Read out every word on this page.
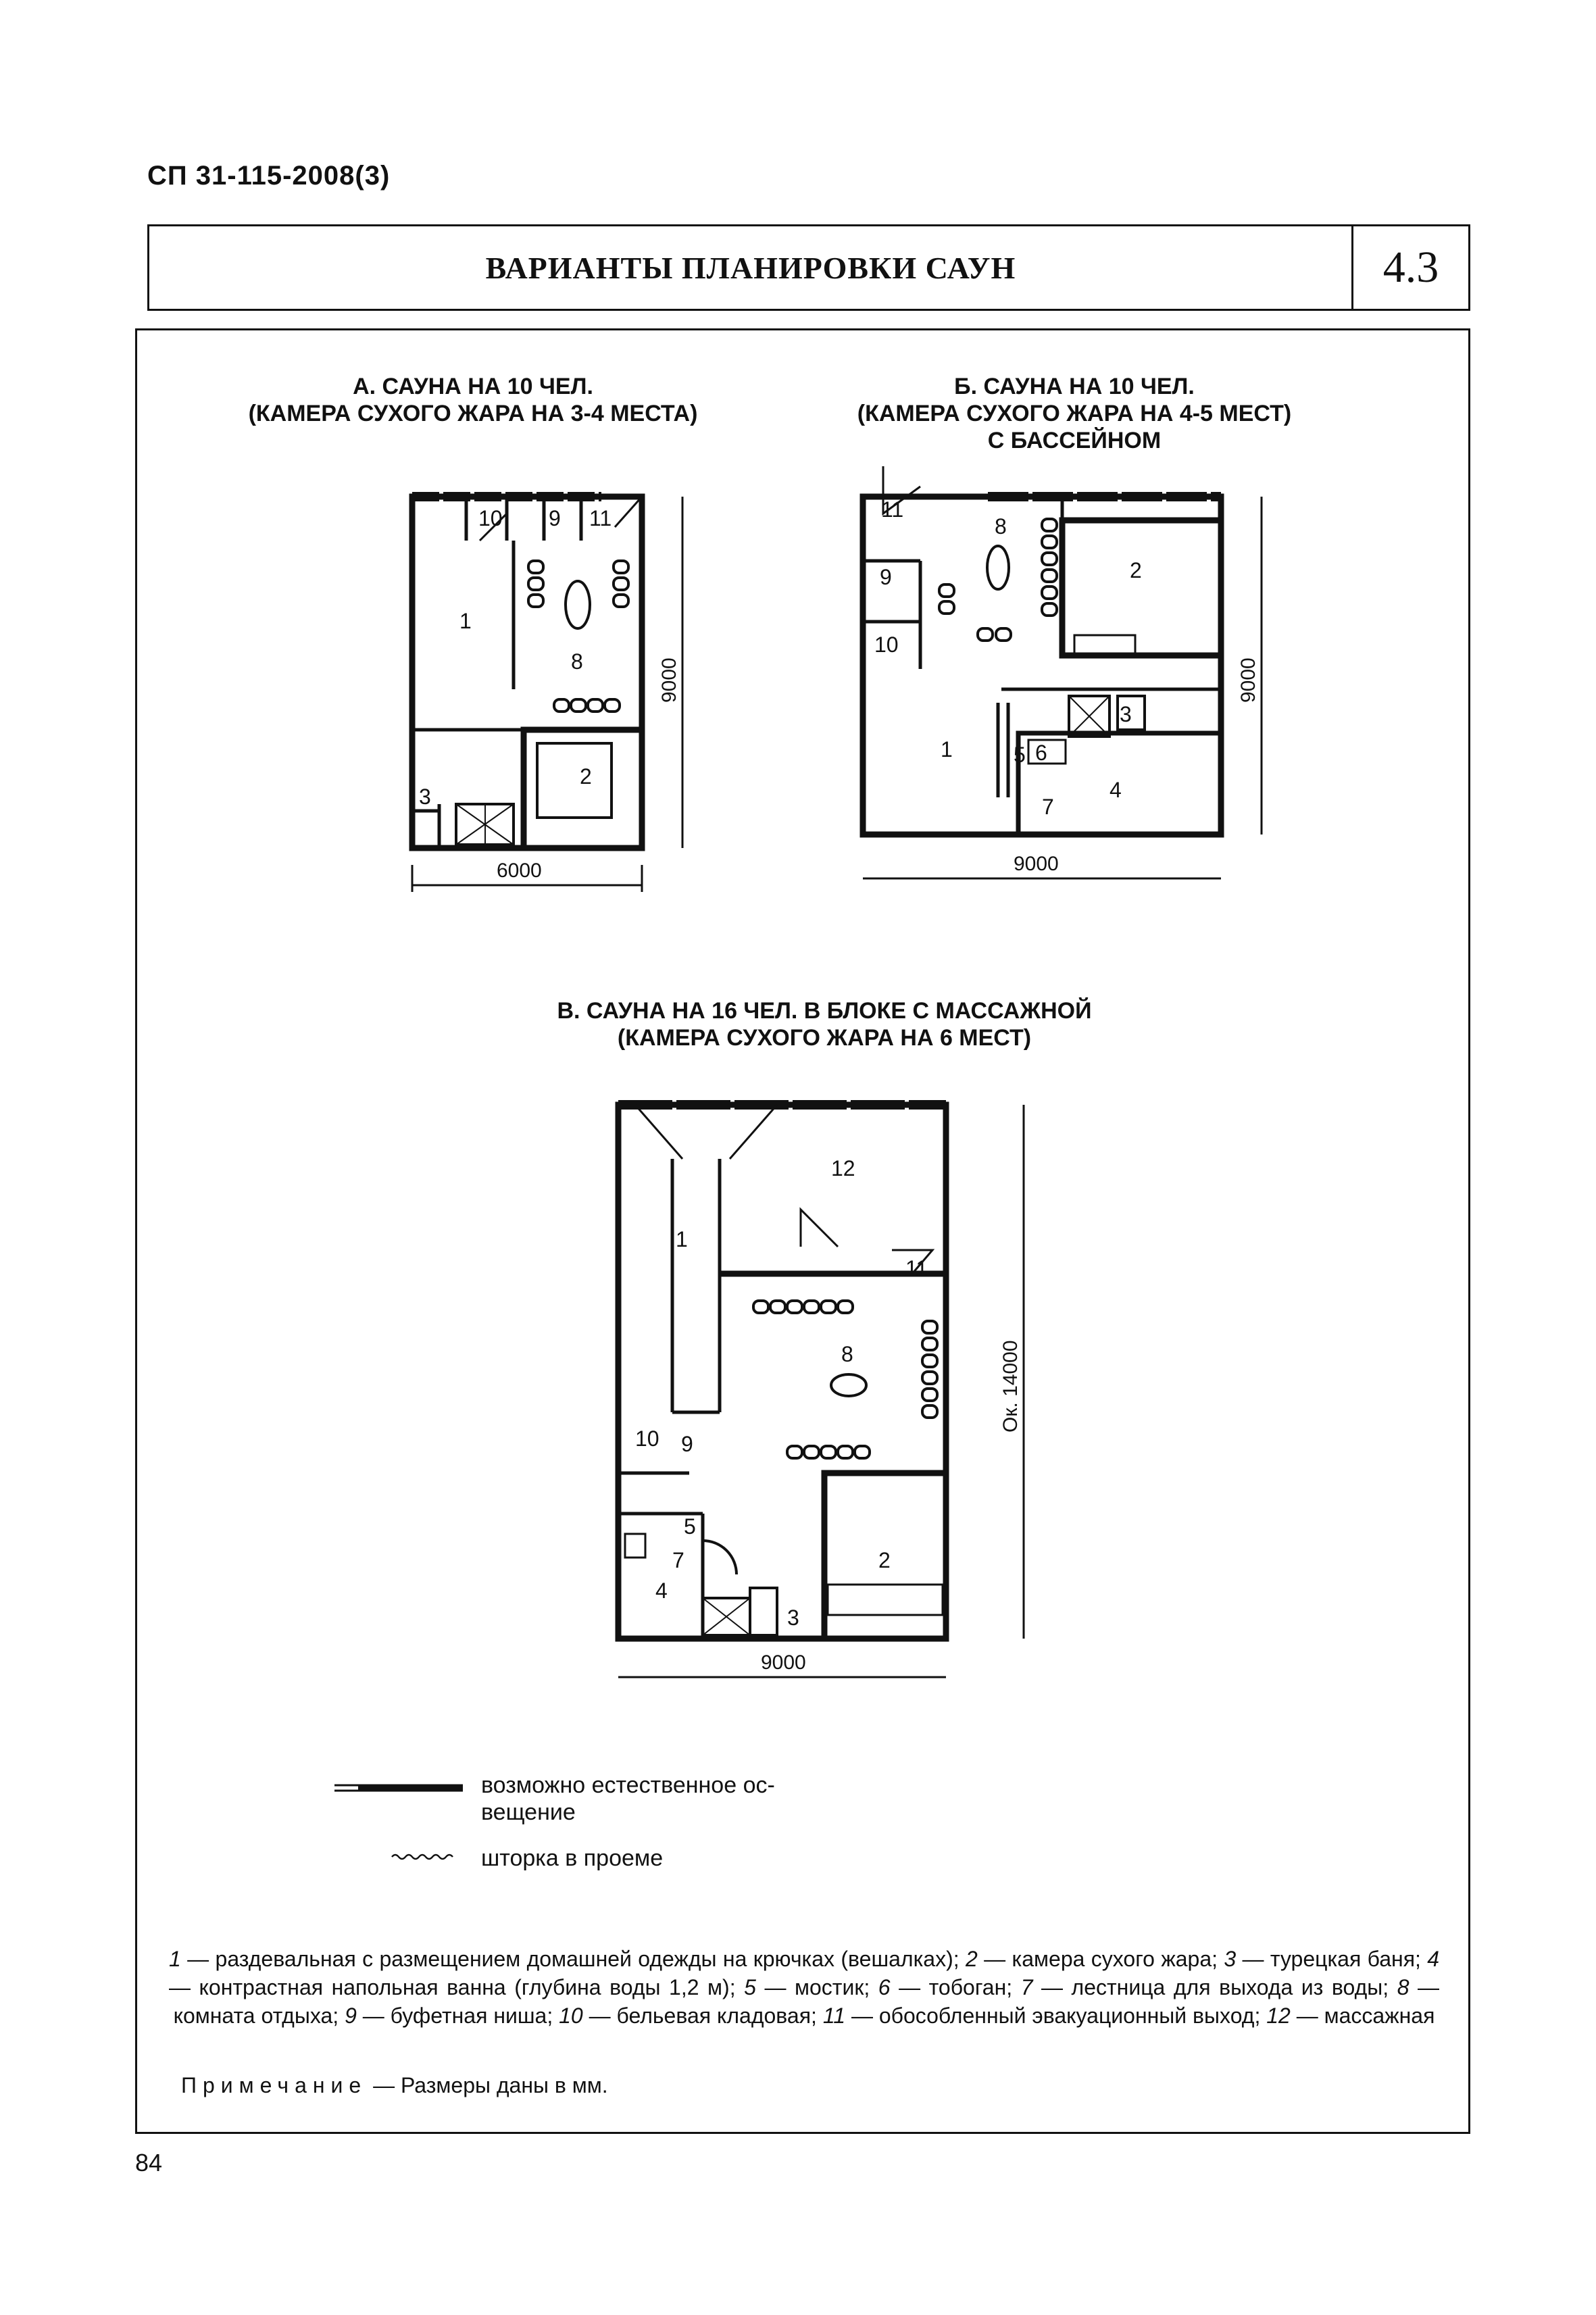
СП 31-115-2008(3)
ВАРИАНТЫ ПЛАНИРОВКИ САУН	4.3
А. САУНА НА 10 ЧЕЛ.
(КАМЕРА СУХОГО ЖАРА НА 3-4 МЕСТА)
Б. САУНА НА 10 ЧЕЛ.
(КАМЕРА СУХОГО ЖАРА НА 4-5 МЕСТ)
С БАССЕЙНОМ
В. САУНА НА 16 ЧЕЛ. В БЛОКЕ С МАССАЖНОЙ
(КАМЕРА СУХОГО ЖАРА НА 6 МЕСТ)
10 9 11
1
8
2
3
6000
9000
11
8
9
10
2
1
3
5 6
7
4
9000
9000
12
1
11
8
10 9
5
7
4
2
3
9000
Ок. 14000
возможно естественное ос-
вещение
шторка в проеме
1 — раздевальная с размещением домашней одежды на крючках (вешалках); 2 — камера сухого жара; 3 — турецкая баня; 4 — контрастная напольная ванна (глубина воды 1,2 м); 5 — мостик; 6 — тобоган; 7 — лестница для выхода из воды; 8 — комната отдыха; 9 — буфетная ниша; 10 — бельевая кладовая; 11 — обособленный эвакуационный выход; 12 — массажная
Примечание — Размеры даны в мм.
84
